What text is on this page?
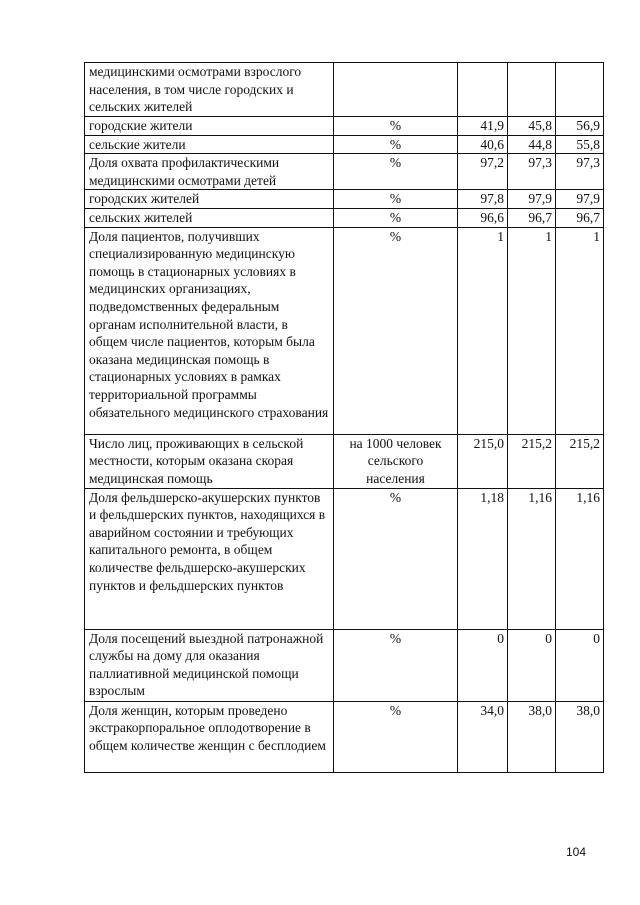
медицинскими осмотрами взрослого населения, в том числе городских и сельских жителей				
городские жители	%	41,9	45,8	56,9
сельские жители	%	40,6	44,8	55,8
Доля охвата профилактическими медицинскими осмотрами детей	%	97,2	97,3	97,3
городских жителей	%	97,8	97,9	97,9
сельских жителей	%	96,6	96,7	96,7
Доля пациентов, получивших специализированную медицинскую помощь в стационарных условиях в медицинских организациях, подведомственных федеральным органам исполнительной власти, в общем числе пациентов, которым была оказана медицинская помощь в стационарных условиях в рамках территориальной программы обязательного медицинского страхования	%	1	1	1
Число лиц, проживающих в сельской местности, которым оказана скорая медицинская помощь	на 1000 человек сельского населения	215,0	215,2	215,2
Доля фельдшерско-акушерских пунктов и фельдшерских пунктов, находящихся в аварийном состоянии и требующих капитального ремонта, в общем количестве фельдшерско-акушерских пунктов и фельдшерских пунктов	%	1,18	1,16	1,16
Доля посещений выездной патронажной службы на дому для оказания паллиативной медицинской помощи взрослым	%	0	0	0
Доля женщин, которым проведено экстракорпоральное оплодотворение в общем количестве женщин с бесплодием	%	34,0	38,0	38,0
104
